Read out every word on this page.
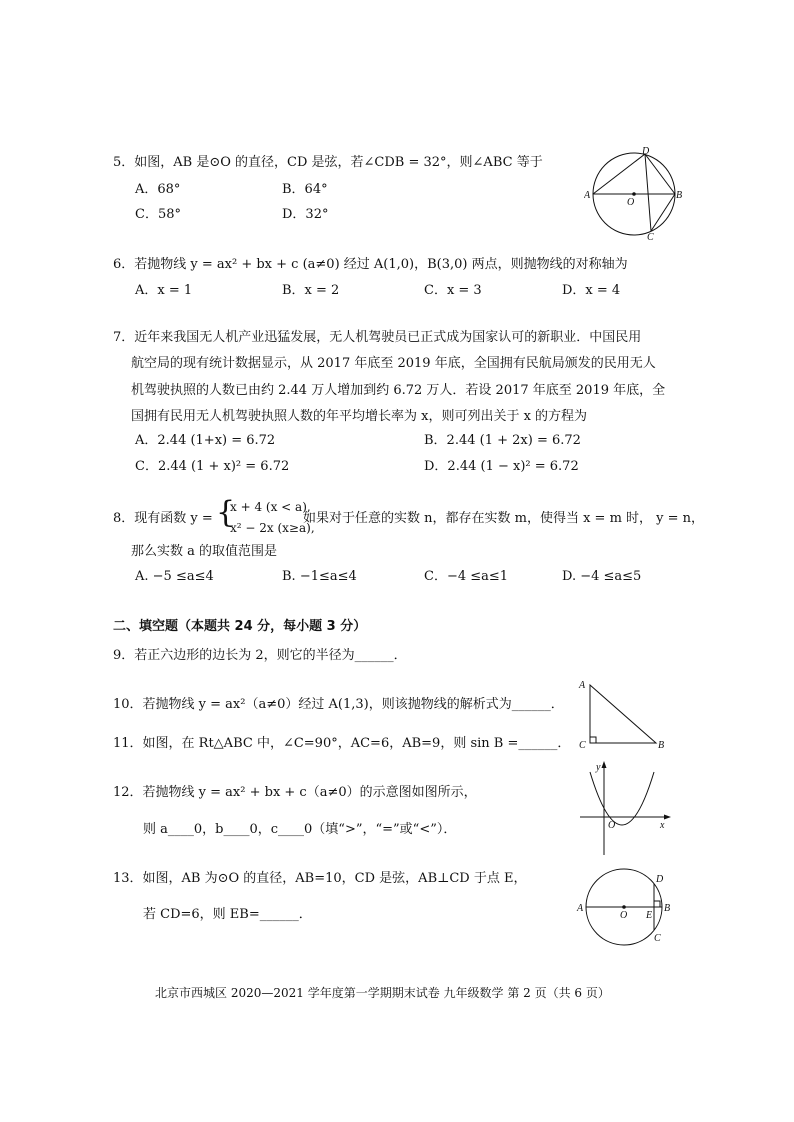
5．如图，AB 是⊙O 的直径，CD 是弦，若∠CDB = 32°，则∠ABC 等于
A．68°	B．64°
C．58°	D．32°
D
A
O
B
C
6．若抛物线 y = ax² + bx + c (a≠0) 经过 A(1,0)，B(3,0) 两点，则抛物线的对称轴为
A．x = 1	B．x = 2	C．x = 3	D．x = 4
7．近年来我国无人机产业迅猛发展，无人机驾驶员已正式成为国家认可的新职业．中国民用
航空局的现有统计数据显示，从 2017 年底至 2019 年底，全国拥有民航局颁发的民用无人
机驾驶执照的人数已由约 2.44 万人增加到约 6.72 万人．若设 2017 年底至 2019 年底，全
国拥有民用无人机驾驶执照人数的年平均增长率为 x，则可列出关于 x 的方程为
A．2.44 (1+x) = 6.72	B．2.44 (1 + 2x) = 6.72
C．2.44 (1 + x)² = 6.72	D．2.44 (1 − x)² = 6.72
8．现有函数 y = {
x + 4 (x < a),
x² − 2x (x≥a),
如果对于任意的实数 n，都存在实数 m，使得当 x = m 时， y = n，
那么实数 a 的取值范围是
A. −5 ≤a≤4	B. −1≤a≤4	C．−4 ≤a≤1	D. −4 ≤a≤5
二、填空题（本题共 24 分，每小题 3 分）
9．若正六边形的边长为 2，则它的半径为______．
10．若抛物线 y = ax²（a≠0）经过 A(1,3)，则该抛物线的解析式为______．
11．如图，在 Rt△ABC 中，∠C=90°，AC=6，AB=9，则 sin B =______．
A
C	B
12．若抛物线 y = ax² + bx + c（a≠0）的示意图如图所示，
则 a____0，b____0，c____0（填“>”，“=”或“<”）．
y
O	x
13．如图，AB 为⊙O 的直径，AB=10，CD 是弦，AB⊥CD 于点 E，
若 CD=6，则 EB=______．
D
A
O E
B
C
北京市西城区 2020—2021 学年度第一学期期末试卷 九年级数学 第 2 页（共 6 页）
